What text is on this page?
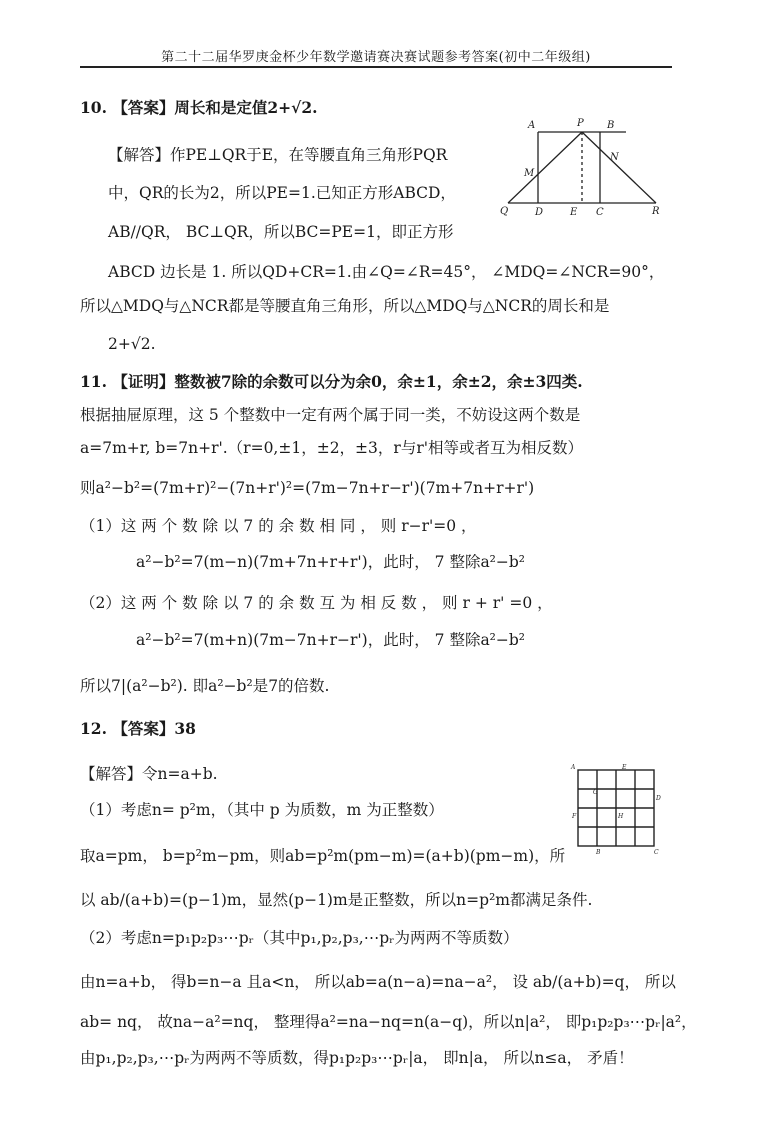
第二十二届华罗庚金杯少年数学邀请赛决赛试题参考答案(初中二年级组)
10. 【答案】周长和是定值2+√2.
【解答】作PE⊥QR于E，在等腰直角三角形PQR
中，QR的长为2，所以PE=1.已知正方形ABCD，
AB//QR， BC⊥QR，所以BC=PE=1，即正方形
ABCD 边长是 1. 所以QD+CR=1.由∠Q=∠R=45°， ∠MDQ=∠NCR=90°，
所以△MDQ与△NCR都是等腰直角三角形，所以△MDQ与△NCR的周长和是
2+√2.
A	P B
N
M
Q	D	E C	R
11. 【证明】整数被7除的余数可以分为余0，余±1，余±2，余±3四类.
根据抽屉原理，这 5 个整数中一定有两个属于同一类，不妨设这两个数是
a=7m+r, b=7n+r'.（r=0,±1，±2，±3，r与r'相等或者互为相反数）
则a²−b²=(7m+r)²−(7n+r')²=(7m−7n+r−r')(7m+7n+r+r')
（1）这 两 个 数 除 以 7 的 余 数 相 同 ， 则 r−r'=0 ，
a²−b²=7(m−n)(7m+7n+r+r')，此时， 7 整除a²−b²
（2）这 两 个 数 除 以 7 的 余 数 互 为 相 反 数 ， 则 r + r' =0 ，
a²−b²=7(m+n)(7m−7n+r−r')，此时， 7 整除a²−b²
所以7|(a²−b²). 即a²−b²是7的倍数.
12. 【答案】38
【解答】令n=a+b.
（1）考虑n= p²m，（其中 p 为质数，m 为正整数）
取a=pm， b=p²m−pm，则ab=p²m(pm−m)=(a+b)(pm−m)，所
以 ab/(a+b)=(p−1)m，显然(p−1)m是正整数，所以n=p²m都满足条件.
（2）考虑n=p₁p₂p₃⋯pᵣ（其中p₁,p₂,p₃,⋯pᵣ为两两不等质数）
由n=a+b， 得b=n−a 且a<n， 所以ab=a(n−a)=na−a²， 设 ab/(a+b)=q， 所以
ab= nq， 故na−a²=nq， 整理得a²=na−nq=n(a−q)，所以n|a²， 即p₁p₂p₃⋯pᵣ|a²，
由p₁,p₂,p₃,⋯pᵣ为两两不等质数，得p₁p₂p₃⋯pᵣ|a， 即n|a， 所以n≤a， 矛盾！
A	E
G
D
F	H
B	C
